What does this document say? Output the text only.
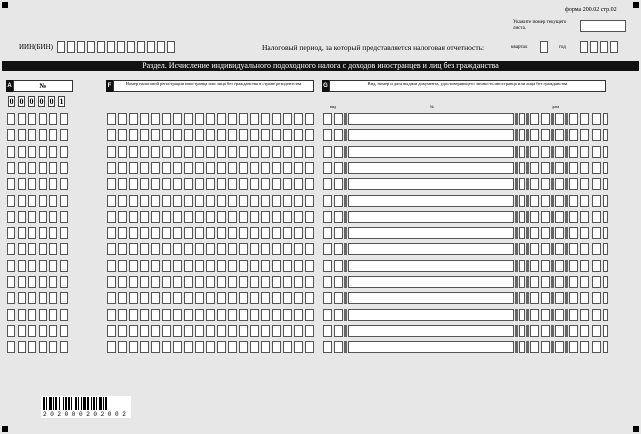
форма 200.02 стр.02
Укажите номер текущего листа.
ИИН(БИН)	Налоговый период, за который представляется налоговая отчетность:	квартал	год
Раздел. Исчисление индивидуального подоходного налога с доходов иностранцев и лиц без гражданства
A	№
0 0 0 0 0 1
F	Номер налоговой регистрации иностранца или лица без гражданства в стране резидентства	G	Вид, номер и дата выдачи документа, удостоверяющего личность иностранца или лица без гражданства
вид	№	дата
2 0 2 0 0 0 2 0 2 0 0 2
